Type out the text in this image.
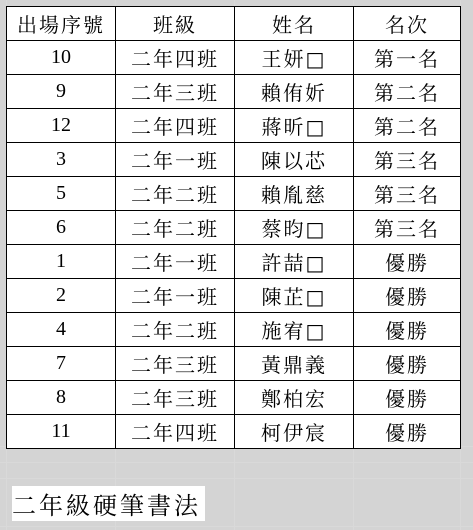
出場序號	班級	姓名	名次
10	二年四班	王妍□	第一名
9	二年三班	賴侑妡	第二名
12	二年四班	蔣昕□	第二名
3	二年一班	陳以芯	第三名
5	二年二班	賴胤慈	第三名
6	二年二班	蔡昀□	第三名
1	二年一班	許喆□	優勝
2	二年一班	陳芷□	優勝
4	二年二班	施宥□	優勝
7	二年三班	黃鼎義	優勝
8	二年三班	鄭柏宏	優勝
11	二年四班	柯伊宸	優勝
二年級硬筆書法
